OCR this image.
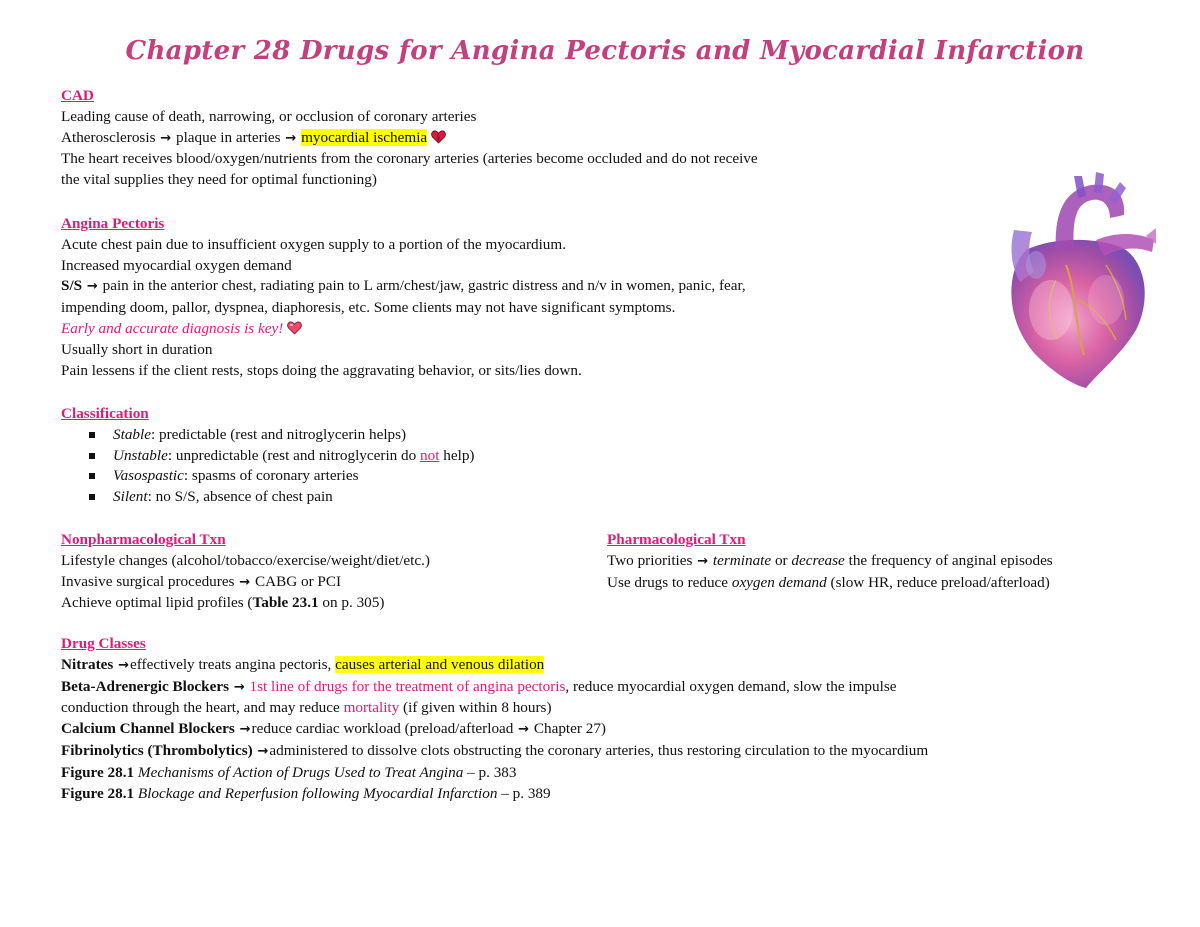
Chapter 28 Drugs for Angina Pectoris and Myocardial Infarction
CAD
Leading cause of death, narrowing, or occlusion of coronary arteries
Atherosclerosis → plaque in arteries → myocardial ischemia
The heart receives blood/oxygen/nutrients from the coronary arteries (arteries become occluded and do not receive
the vital supplies they need for optimal functioning)
Angina Pectoris
Acute chest pain due to insufficient oxygen supply to a portion of the myocardium.
Increased myocardial oxygen demand
S/S → pain in the anterior chest, radiating pain to L arm/chest/jaw, gastric distress and n/v in women, panic, fear,
impending doom, pallor, dyspnea, diaphoresis, etc. Some clients may not have significant symptoms.
Early and accurate diagnosis is key!
Usually short in duration
Pain lessens if the client rests, stops doing the aggravating behavior, or sits/lies down.
Classification
Stable: predictable (rest and nitroglycerin helps)
Unstable: unpredictable (rest and nitroglycerin do not help)
Vasospastic: spasms of coronary arteries
Silent: no S/S, absence of chest pain
Nonpharmacological Txn
Lifestyle changes (alcohol/tobacco/exercise/weight/diet/etc.)
Invasive surgical procedures → CABG or PCI
Achieve optimal lipid profiles (Table 23.1 on p. 305)
Pharmacological Txn
Two priorities → terminate or decrease the frequency of anginal episodes
Use drugs to reduce oxygen demand (slow HR, reduce preload/afterload)
Drug Classes
Nitrates →effectively treats angina pectoris, causes arterial and venous dilation
Beta-Adrenergic Blockers → 1st line of drugs for the treatment of angina pectoris, reduce myocardial oxygen demand, slow the impulse
conduction through the heart, and may reduce mortality (if given within 8 hours)
Calcium Channel Blockers →reduce cardiac workload (preload/afterload → Chapter 27)
Fibrinolytics (Thrombolytics) →administered to dissolve clots obstructing the coronary arteries, thus restoring circulation to the myocardium
Figure 28.1 Mechanisms of Action of Drugs Used to Treat Angina – p. 383
Figure 28.1 Blockage and Reperfusion following Myocardial Infarction – p. 389
